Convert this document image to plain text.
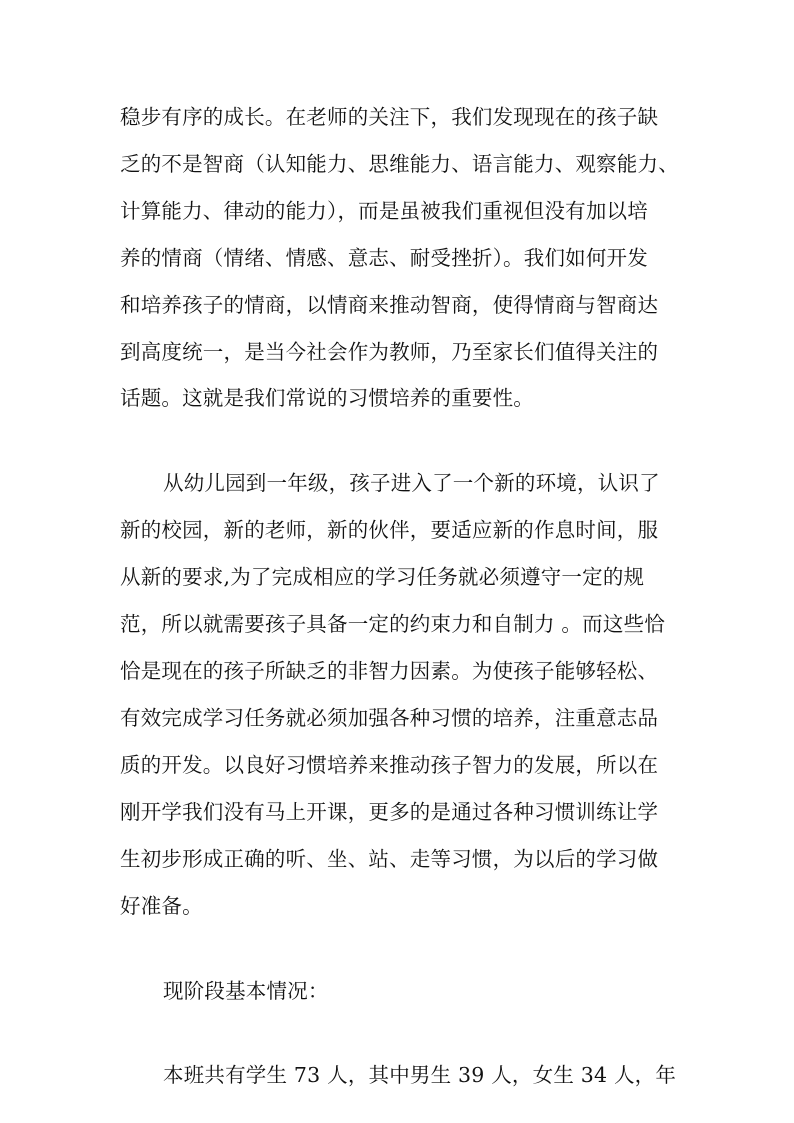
稳步有序的成长。在老师的关注下，我们发现现在的孩子缺
乏的不是智商（认知能力、思维能力、语言能力、观察能力、
计算能力、律动的能力），而是虽被我们重视但没有加以培
养的情商（情绪、情感、意志、耐受挫折）。我们如何开发
和培养孩子的情商，以情商来推动智商，使得情商与智商达
到高度统一，是当今社会作为教师，乃至家长们值得关注的
话题。这就是我们常说的习惯培养的重要性。
从幼儿园到一年级，孩子进入了一个新的环境，认识了
新的校园，新的老师，新的伙伴，要适应新的作息时间，服
从新的要求,为了完成相应的学习任务就必须遵守一定的规
范，所以就需要孩子具备一定的约束力和自制力 。而这些恰
恰是现在的孩子所缺乏的非智力因素。为使孩子能够轻松、
有效完成学习任务就必须加强各种习惯的培养，注重意志品
质的开发。以良好习惯培养来推动孩子智力的发展，所以在
刚开学我们没有马上开课，更多的是通过各种习惯训练让学
生初步形成正确的听、坐、站、走等习惯，为以后的学习做
好准备。
现阶段基本情况：
本班共有学生 73 人，其中男生 39 人，女生 34 人，年
